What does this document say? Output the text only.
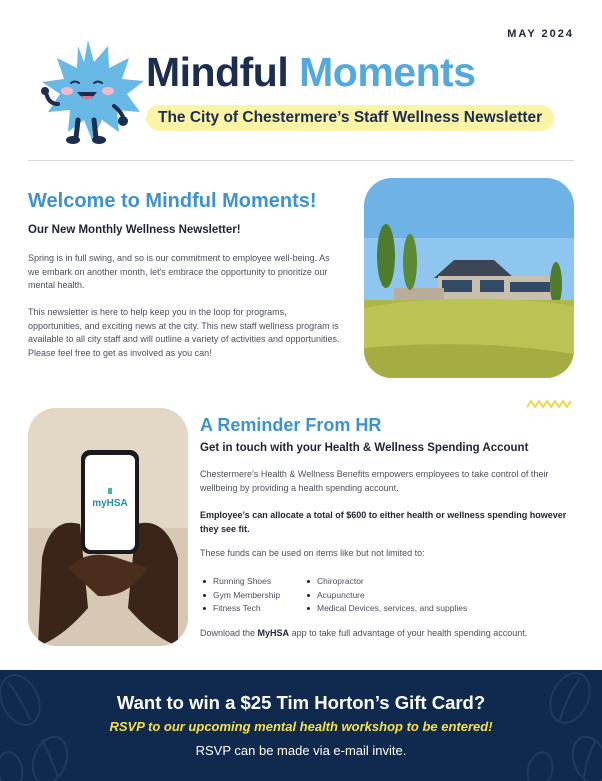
MAY 2024
Mindful Moments
The City of Chestermere’s Staff Wellness Newsletter
Welcome to Mindful Moments!
Our New Monthly Wellness Newsletter!

Spring is in full swing, and so is our commitment to employee well-being. As we embark on another month, let's embrace the opportunity to prioritize our mental health.

This newsletter is here to help keep you in the loop for programs, opportunities, and exciting news at the city. This new staff wellness program is available to all city staff and will outline a variety of activities and opportunities. Please feel free to get as involved as you can!

myHSA
A Reminder From HR
Get in touch with your Health & Wellness Spending Account

Chestermere’s Health & Wellness Benefits empowers employees to take control of their wellbeing by providing a health spending account.

Employee’s can allocate a total of $600 to either health or wellness spending however they see fit.

These funds can be used on items like but not limited to:

Running Shoes
Gym Membership
Fitness Tech
Chiropractor
Acupuncture
Medical Devices, services, and supplies

Download the MyHSA app to take full advantage of your health spending account.

Want to win a $25 Tim Horton’s Gift Card?
RSVP to our upcoming mental health workshop to be entered!
RSVP can be made via e-mail invite.
